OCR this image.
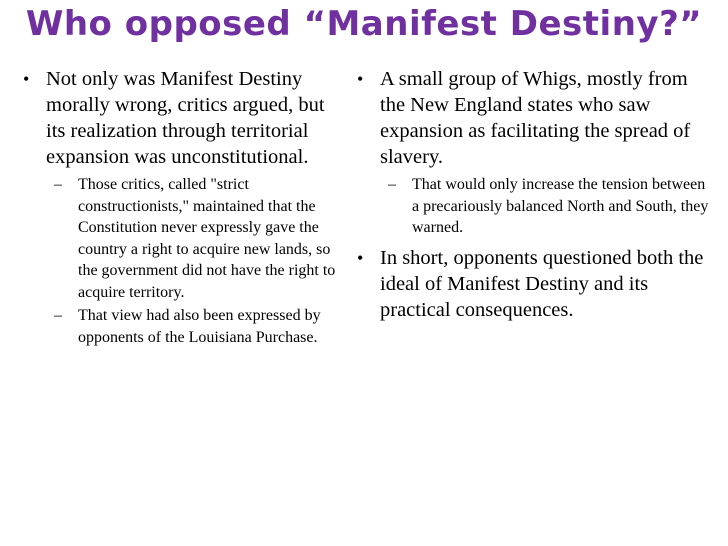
Who opposed “Manifest Destiny?”
• Not only was Manifest Destiny morally wrong, critics argued, but its realization through territorial expansion was unconstitutional.
– Those critics, called "strict constructionists," maintained that the Constitution never expressly gave the country a right to acquire new lands, so the government did not have the right to acquire territory.
– That view had also been expressed by opponents of the Louisiana Purchase.
• A small group of Whigs, mostly from the New England states who saw expansion as facilitating the spread of slavery.
– That would only increase the tension between a precariously balanced North and South, they warned.
• In short, opponents questioned both the ideal of Manifest Destiny and its practical consequences.
